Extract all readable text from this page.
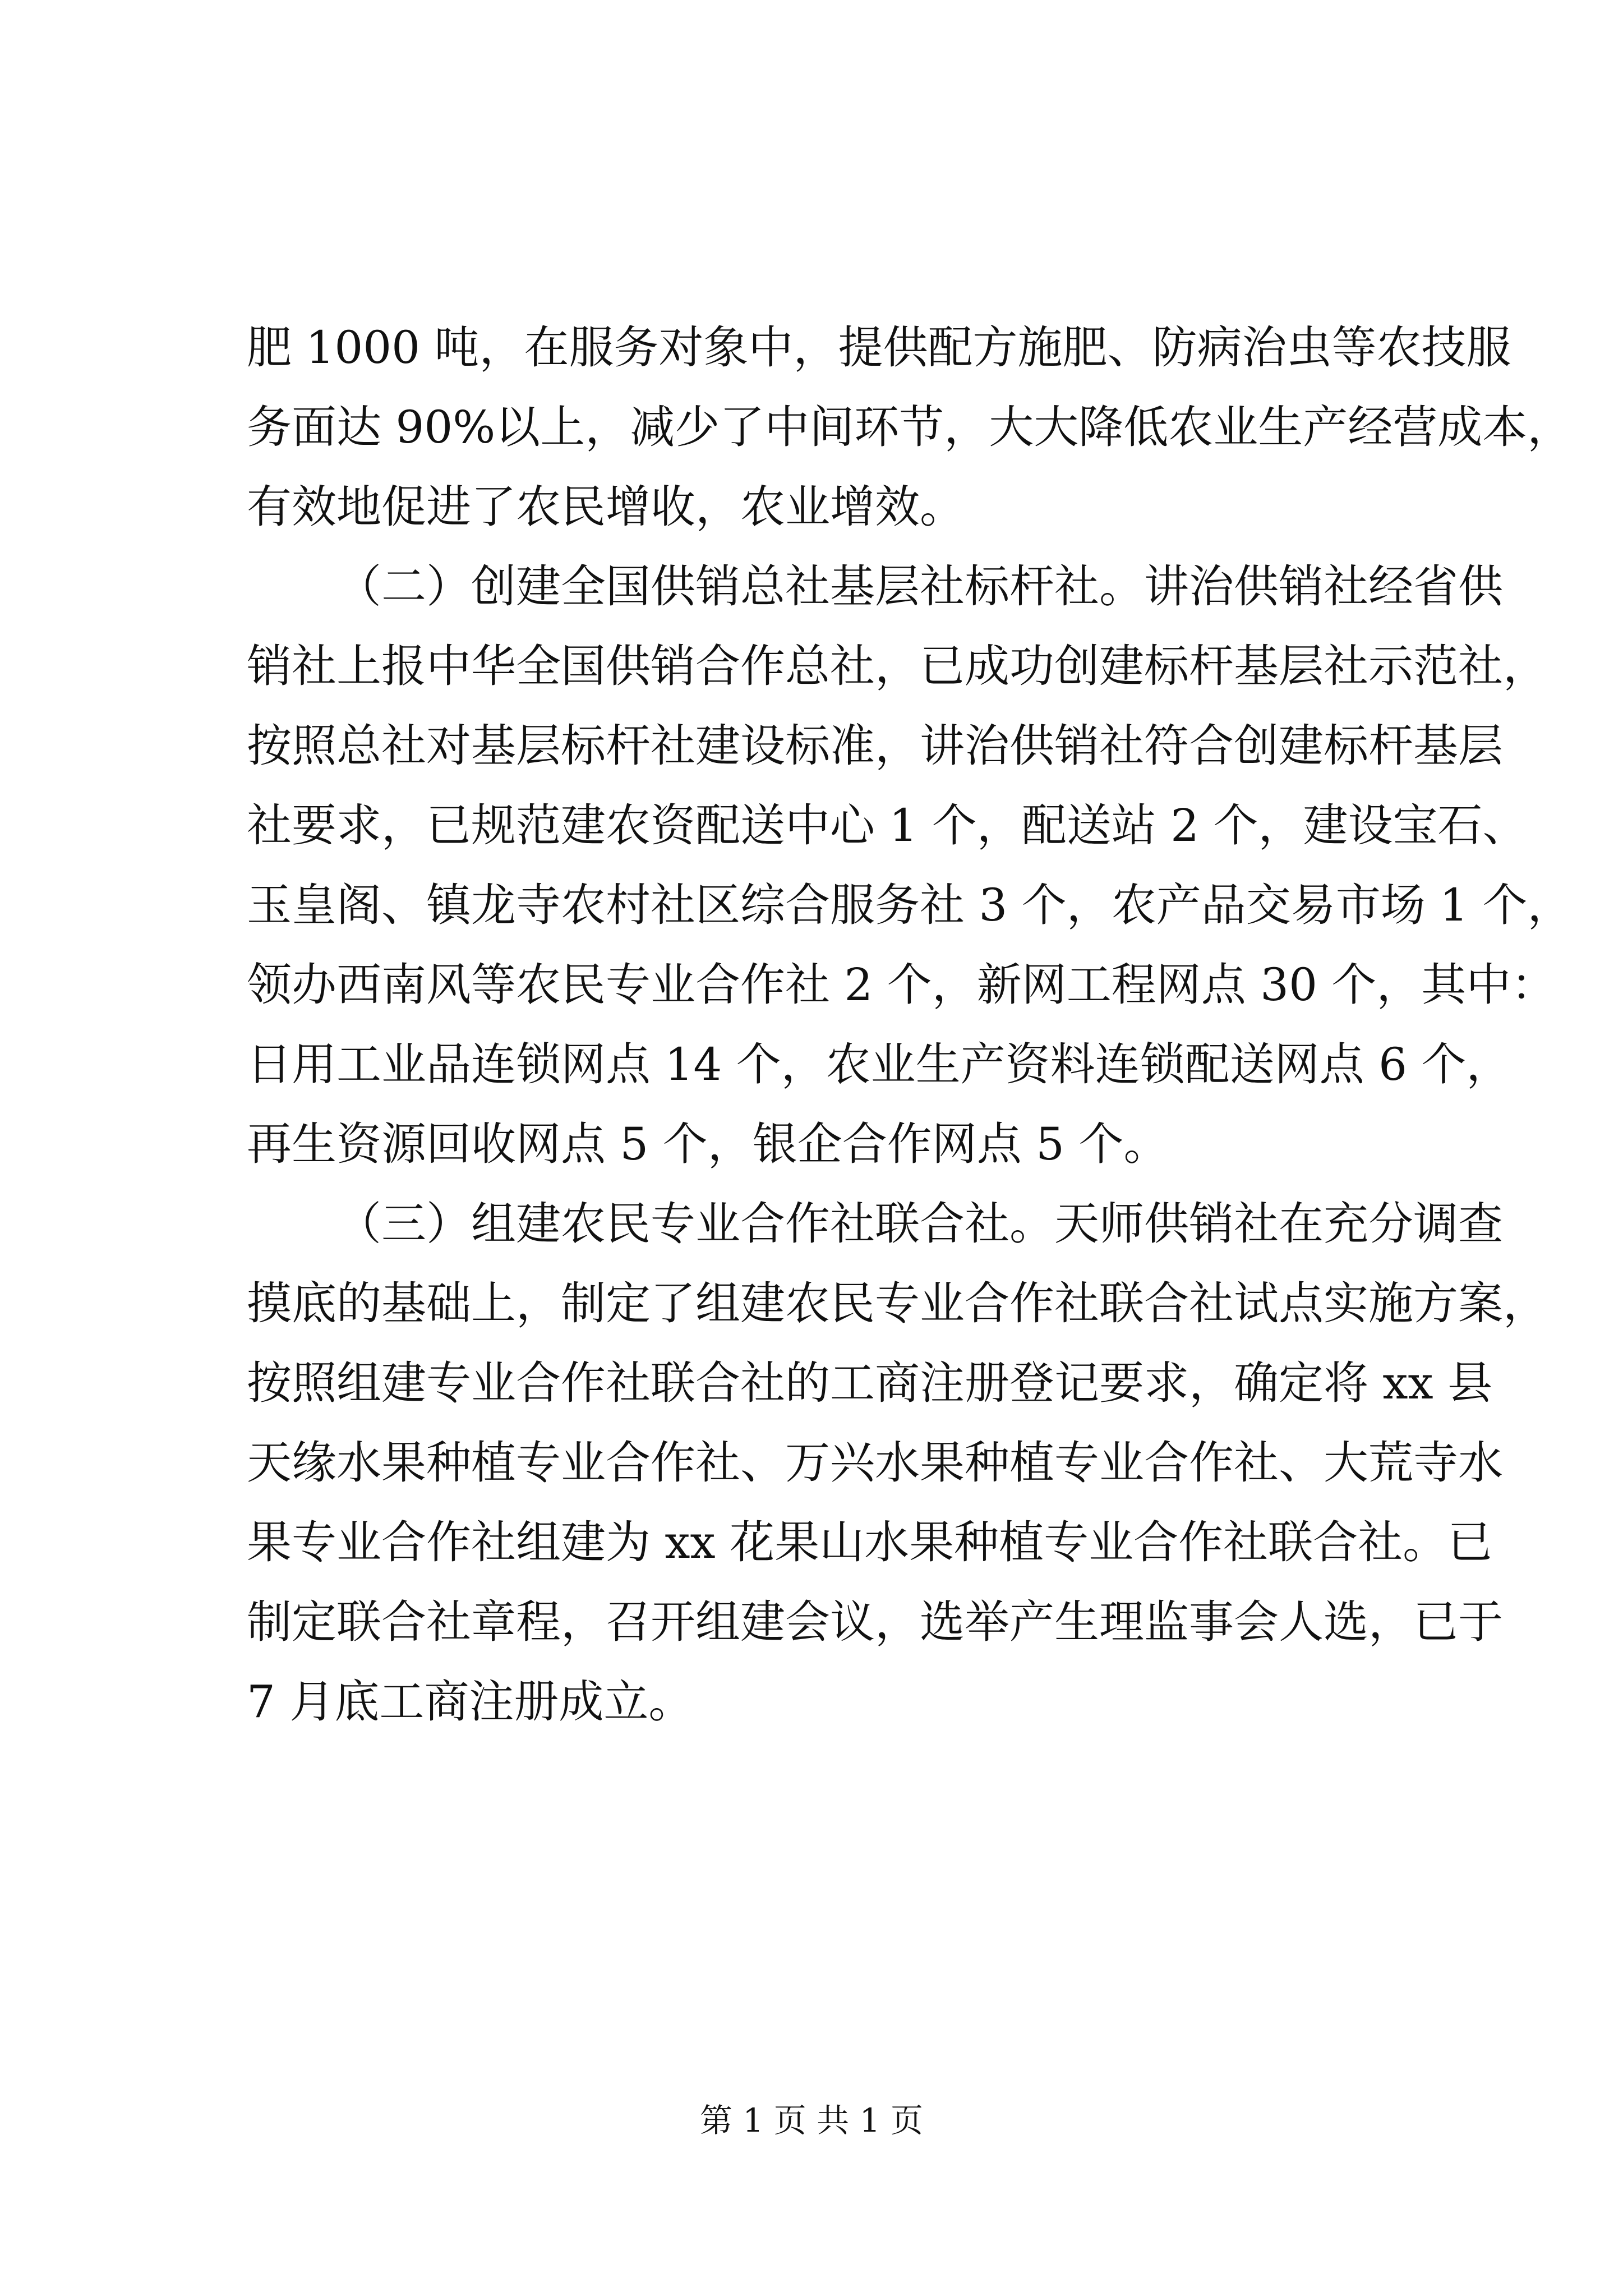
肥 1000 吨，在服务对象中，提供配方施肥、防病治虫等农技服
务面达 90%以上，减少了中间环节，大大降低农业生产经营成本，
有效地促进了农民增收，农业增效。
（二）创建全国供销总社基层社标杆社。讲治供销社经省供
销社上报中华全国供销合作总社，已成功创建标杆基层社示范社，
按照总社对基层标杆社建设标准，讲治供销社符合创建标杆基层
社要求，已规范建农资配送中心 1 个，配送站 2 个，建设宝石、
玉皇阁、镇龙寺农村社区综合服务社 3 个，农产品交易市场 1 个，
领办西南风等农民专业合作社 2 个，新网工程网点 30 个，其中：
日用工业品连锁网点 14 个，农业生产资料连锁配送网点 6 个，
再生资源回收网点 5 个，银企合作网点 5 个。
（三）组建农民专业合作社联合社。天师供销社在充分调查
摸底的基础上，制定了组建农民专业合作社联合社试点实施方案，
按照组建专业合作社联合社的工商注册登记要求，确定将 xx 县
天缘水果种植专业合作社、万兴水果种植专业合作社、大荒寺水
果专业合作社组建为 xx 花果山水果种植专业合作社联合社。已
制定联合社章程，召开组建会议，选举产生理监事会人选，已于
7 月底工商注册成立。
第 1 页 共 1 页
